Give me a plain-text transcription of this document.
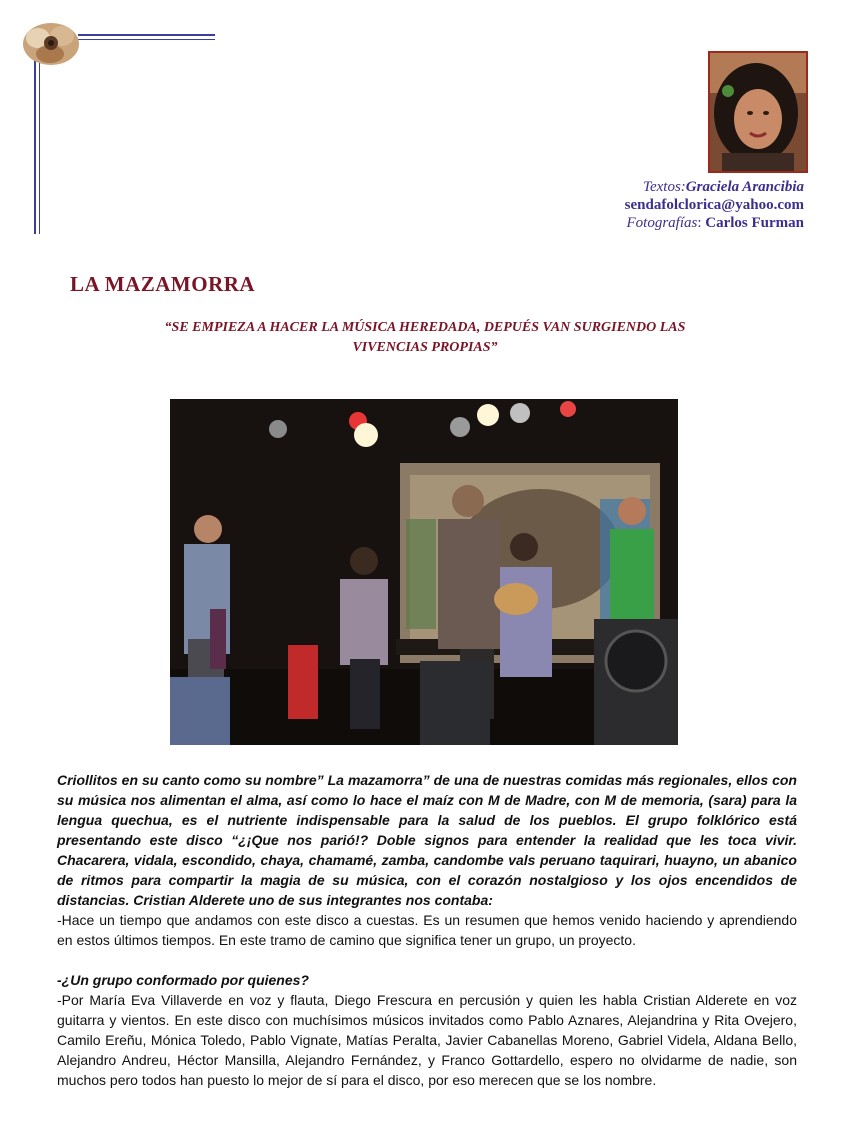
Textos:Graciela Arancibia
sendafolclorica@yahoo.com
Fotografías: Carlos Furman
LA MAZAMORRA
“SE EMPIEZA A HACER LA MÚSICA HEREDADA, DEPUÉS VAN SURGIENDO LAS
VIVENCIAS PROPIAS”

Criollitos en su canto como su nombre” La mazamorra” de una de nuestras comidas más regionales, ellos con su música nos alimentan el alma, así como lo hace el maíz con M de Madre, con M de memoria, (sara) para la lengua quechua, es el nutriente indispensable para la salud de los pueblos. El grupo folklórico está presentando este disco “¿¡Que nos parió!? Doble signos para entender la realidad que les toca vivir. Chacarera, vidala, escondido, chaya, chamamé, zamba, candombe vals peruano taquirari, huayno, un abanico de ritmos para compartir la magia de su música, con el corazón nostalgioso y los ojos encendidos de distancias. Cristian Alderete uno de sus integrantes nos contaba:

-Hace un tiempo que andamos con este disco a cuestas. Es un resumen que hemos venido haciendo y aprendiendo en estos últimos tiempos. En este tramo de camino que significa tener un grupo, un proyecto.

-¿Un grupo conformado por quienes?

-Por María Eva Villaverde en voz y flauta, Diego Frescura en percusión y quien les habla Cristian Alderete en voz guitarra y vientos. En este disco con muchísimos músicos invitados como Pablo Aznares, Alejandrina y Rita Ovejero, Camilo Ereñu, Mónica Toledo, Pablo Vignate, Matías Peralta, Javier Cabanellas Moreno, Gabriel Videla, Aldana Bello, Alejandro Andreu, Héctor Mansilla, Alejandro Fernández, y Franco Gottardello, espero no olvidarme de nadie, son muchos pero todos han puesto lo mejor de sí para el disco, por eso merecen que se los nombre.
